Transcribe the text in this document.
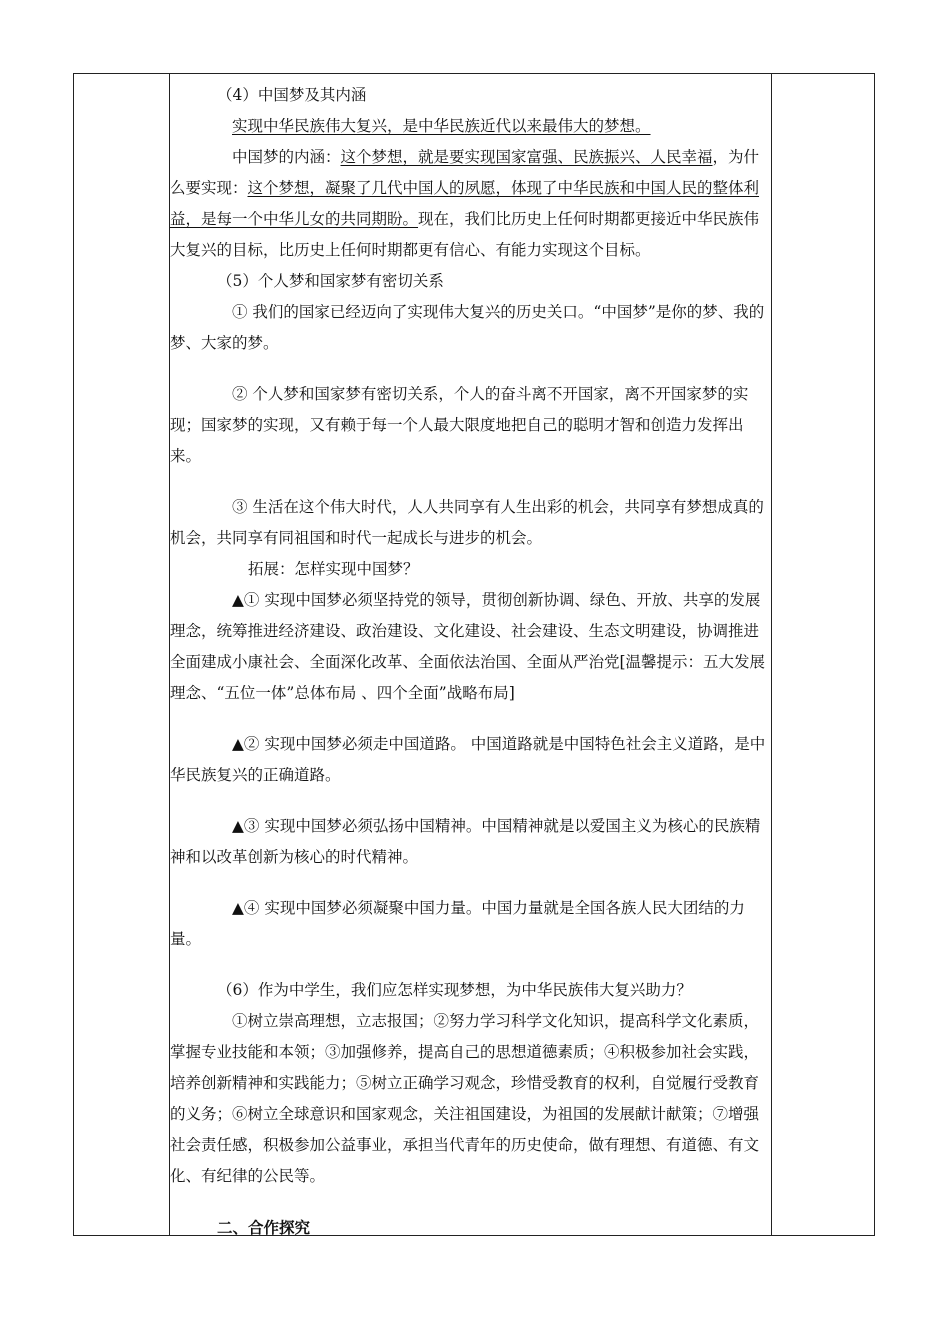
（4）中国梦及其内涵

实现中华民族伟大复兴，是中华民族近代以来最伟大的梦想。

中国梦的内涵：这个梦想，就是要实现国家富强、民族振兴、人民幸福，为什么要实现：这个梦想，凝聚了几代中国人的夙愿，体现了中华民族和中国人民的整体利益，是每一个中华儿女的共同期盼。现在，我们比历史上任何时期都更接近中华民族伟大复兴的目标，比历史上任何时期都更有信心、有能力实现这个目标。

（5）个人梦和国家梦有密切关系

① 我们的国家已经迈向了实现伟大复兴的历史关口。“中国梦”是你的梦、我的梦、大家的梦。

② 个人梦和国家梦有密切关系，个人的奋斗离不开国家，离不开国家梦的实现；国家梦的实现，又有赖于每一个人最大限度地把自己的聪明才智和创造力发挥出来。

③ 生活在这个伟大时代，人人共同享有人生出彩的机会，共同享有梦想成真的机会，共同享有同祖国和时代一起成长与进步的机会。

拓展：怎样实现中国梦？

▲① 实现中国梦必须坚持党的领导，贯彻创新协调、绿色、开放、共享的发展理念，统筹推进经济建设、政治建设、文化建设、社会建设、生态文明建设，协调推进全面建成小康社会、全面深化改革、全面依法治国、全面从严治党[温馨提示：五大发展理念、“五位一体”总体布局 、四个全面”战略布局]

▲② 实现中国梦必须走中国道路。 中国道路就是中国特色社会主义道路，是中华民族复兴的正确道路。

▲③ 实现中国梦必须弘扬中国精神。中国精神就是以爱国主义为核心的民族精神和以改革创新为核心的时代精神。

▲④ 实现中国梦必须凝聚中国力量。中国力量就是全国各族人民大团结的力量。

（6）作为中学生，我们应怎样实现梦想，为中华民族伟大复兴助力？

①树立崇高理想，立志报国；②努力学习科学文化知识，提高科学文化素质，掌握专业技能和本领；③加强修养，提高自己的思想道德素质；④积极参加社会实践，培养创新精神和实践能力；⑤树立正确学习观念，珍惜受教育的权利，自觉履行受教育的义务；⑥树立全球意识和国家观念，关注祖国建设，为祖国的发展献计献策；⑦增强社会责任感，积极参加公益事业，承担当代青年的历史使命，做有理想、有道德、有文化、有纪律的公民等。

二、合作探究
